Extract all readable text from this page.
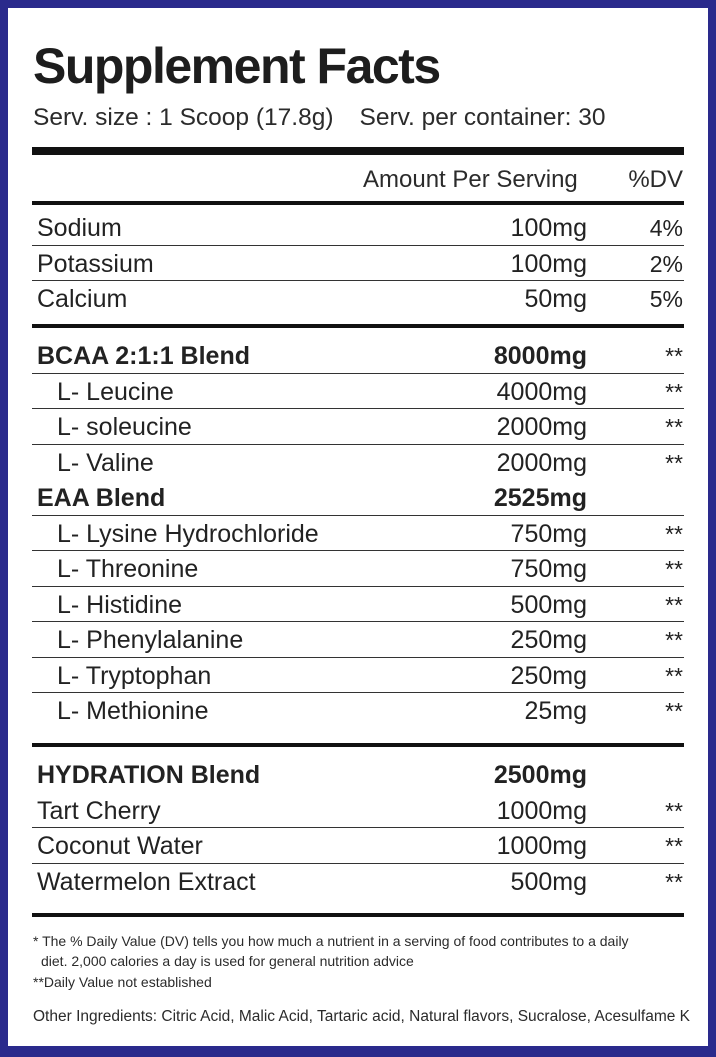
Supplement Facts
Serv. size : 1 Scoop (17.8g) Serv. per container: 30
Amount Per Serving %DV
Sodium	100mg	4%
Potassium	100mg	2%
Calcium	50mg	5%
BCAA 2:1:1 Blend	8000mg	**
L- Leucine	4000mg	**
L- soleucine	2000mg	**
L- Valine	2000mg	**
EAA Blend	2525mg
L- Lysine Hydrochloride	750mg	**
L- Threonine	750mg	**
L- Histidine	500mg	**
L- Phenylalanine	250mg	**
L- Tryptophan	250mg	**
L- Methionine	25mg	**
HYDRATION Blend	2500mg
Tart Cherry	1000mg	**
Coconut Water	1000mg	**
Watermelon Extract	500mg	**
* The % Daily Value (DV) tells you how much a nutrient in a serving of food contributes to a daily
diet. 2,000 calories a day is used for general nutrition advice
**Daily Value not established
Other Ingredients: Citric Acid, Malic Acid, Tartaric acid, Natural flavors, Sucralose, Acesulfame K
